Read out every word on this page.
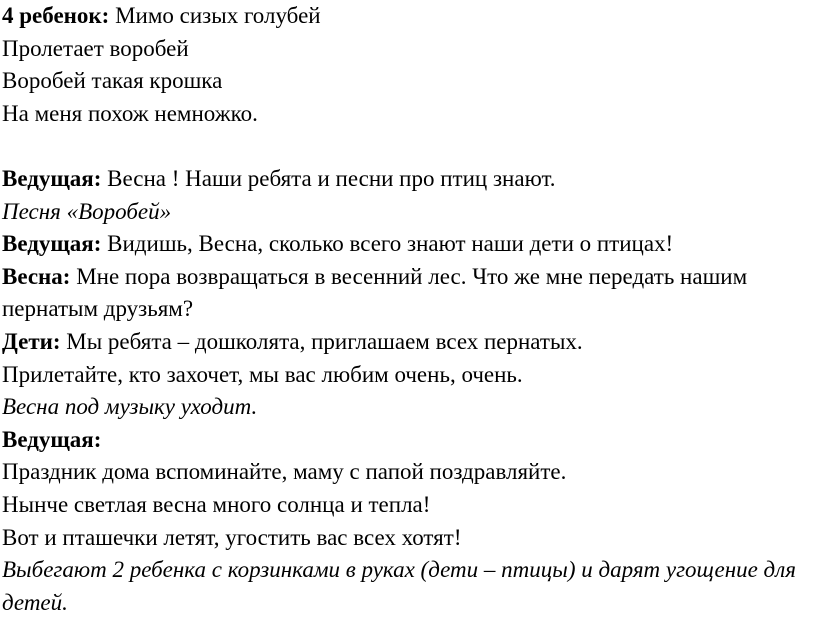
4 ребенок: Мимо сизых голубей

Пролетает воробей

Воробей такая крошка

На меня похож немножко.

Ведущая: Весна ! Наши ребята и песни про птиц знают.

Песня «Воробей»

Ведущая: Видишь, Весна, сколько всего знают наши дети о птицах!

Весна: Мне пора возвращаться в весенний лес. Что же мне передать нашим пернатым друзьям?

Дети: Мы ребята – дошколята, приглашаем всех пернатых.

Прилетайте, кто захочет, мы вас любим очень, очень.

Весна под музыку уходит.

Ведущая:

Праздник дома вспоминайте, маму с папой поздравляйте.

Нынче светлая весна много солнца и тепла!

Вот и пташечки летят, угостить вас всех хотят!

Выбегают 2 ребенка с корзинками в руках (дети – птицы) и дарят угощение для детей.
